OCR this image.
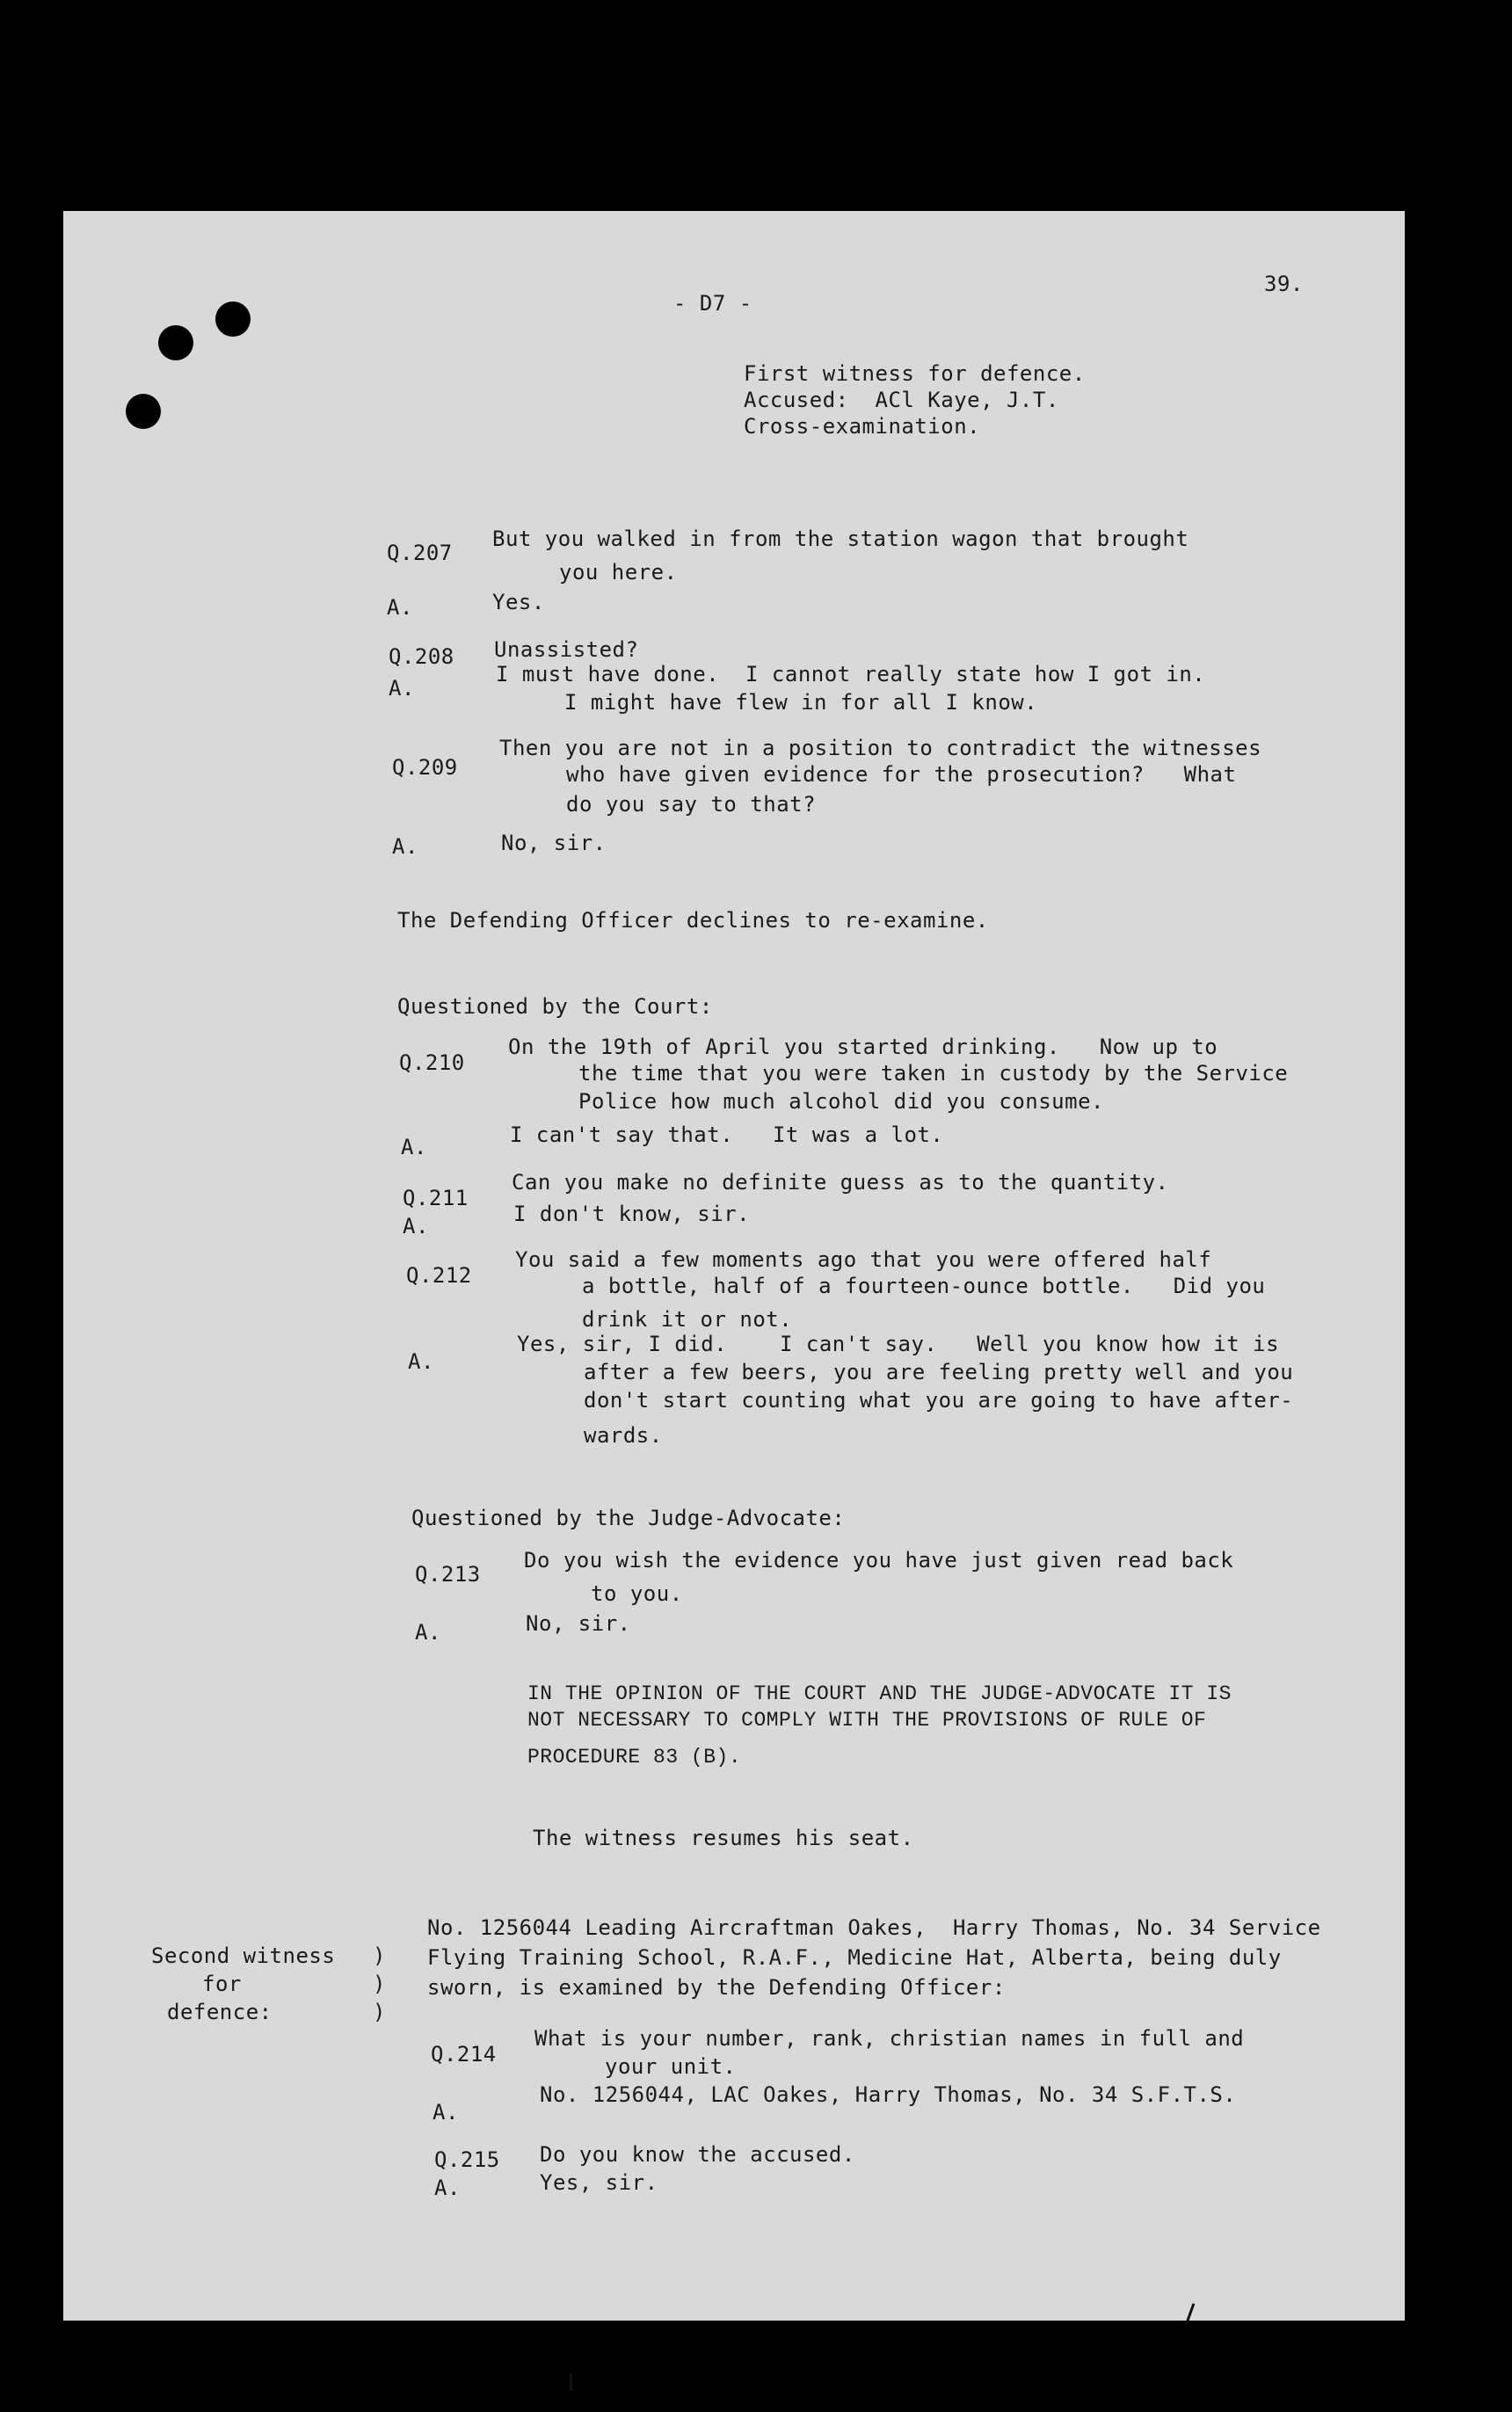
- D7 -
39.
First witness for defence.
Accused:  ACl Kaye, J.T.
Cross-examination.
Q.207
But you walked in from the station wagon that brought
you here.
A.	Yes.
Q.208 Unassisted?
A.
I must have done.  I cannot really state how I got in.
I might have flew in for all I know.
Q.209
Then you are not in a position to contradict the witnesses
who have given evidence for the prosecution?   What
do you say to that?
A.	No, sir.
The Defending Officer declines to re-examine.
Questioned by the Court:
Q.210
On the 19th of April you started drinking.   Now up to
the time that you were taken in custody by the Service
Police how much alcohol did you consume.
A.	I can't say that.   It was a lot.
Q.211
Can you make no definite guess as to the quantity.
A.	I don't know, sir.
Q.212
You said a few moments ago that you were offered half
a bottle, half of a fourteen-ounce bottle.   Did you
drink it or not.
A.
Yes, sir, I did.    I can't say.   Well you know how it is
after a few beers, you are feeling pretty well and you
don't start counting what you are going to have after-
wards.
Questioned by the Judge-Advocate:
Q.213
Do you wish the evidence you have just given read back
to you.
A.	No, sir.
IN THE OPINION OF THE COURT AND THE JUDGE-ADVOCATE IT IS
NOT NECESSARY TO COMPLY WITH THE PROVISIONS OF RULE OF
PROCEDURE 83 (B).
The witness resumes his seat.
Second witness
for
defence:
)
)
)
No. 1256044 Leading Aircraftman Oakes,  Harry Thomas, No. 34 Service
Flying Training School, R.A.F., Medicine Hat, Alberta, being duly
sworn, is examined by the Defending Officer:
Q.214
What is your number, rank, christian names in full and
your unit.
A.
No. 1256044, LAC Oakes, Harry Thomas, No. 34 S.F.T.S.
Q.215 Do you know the accused.
A.	Yes, sir.
